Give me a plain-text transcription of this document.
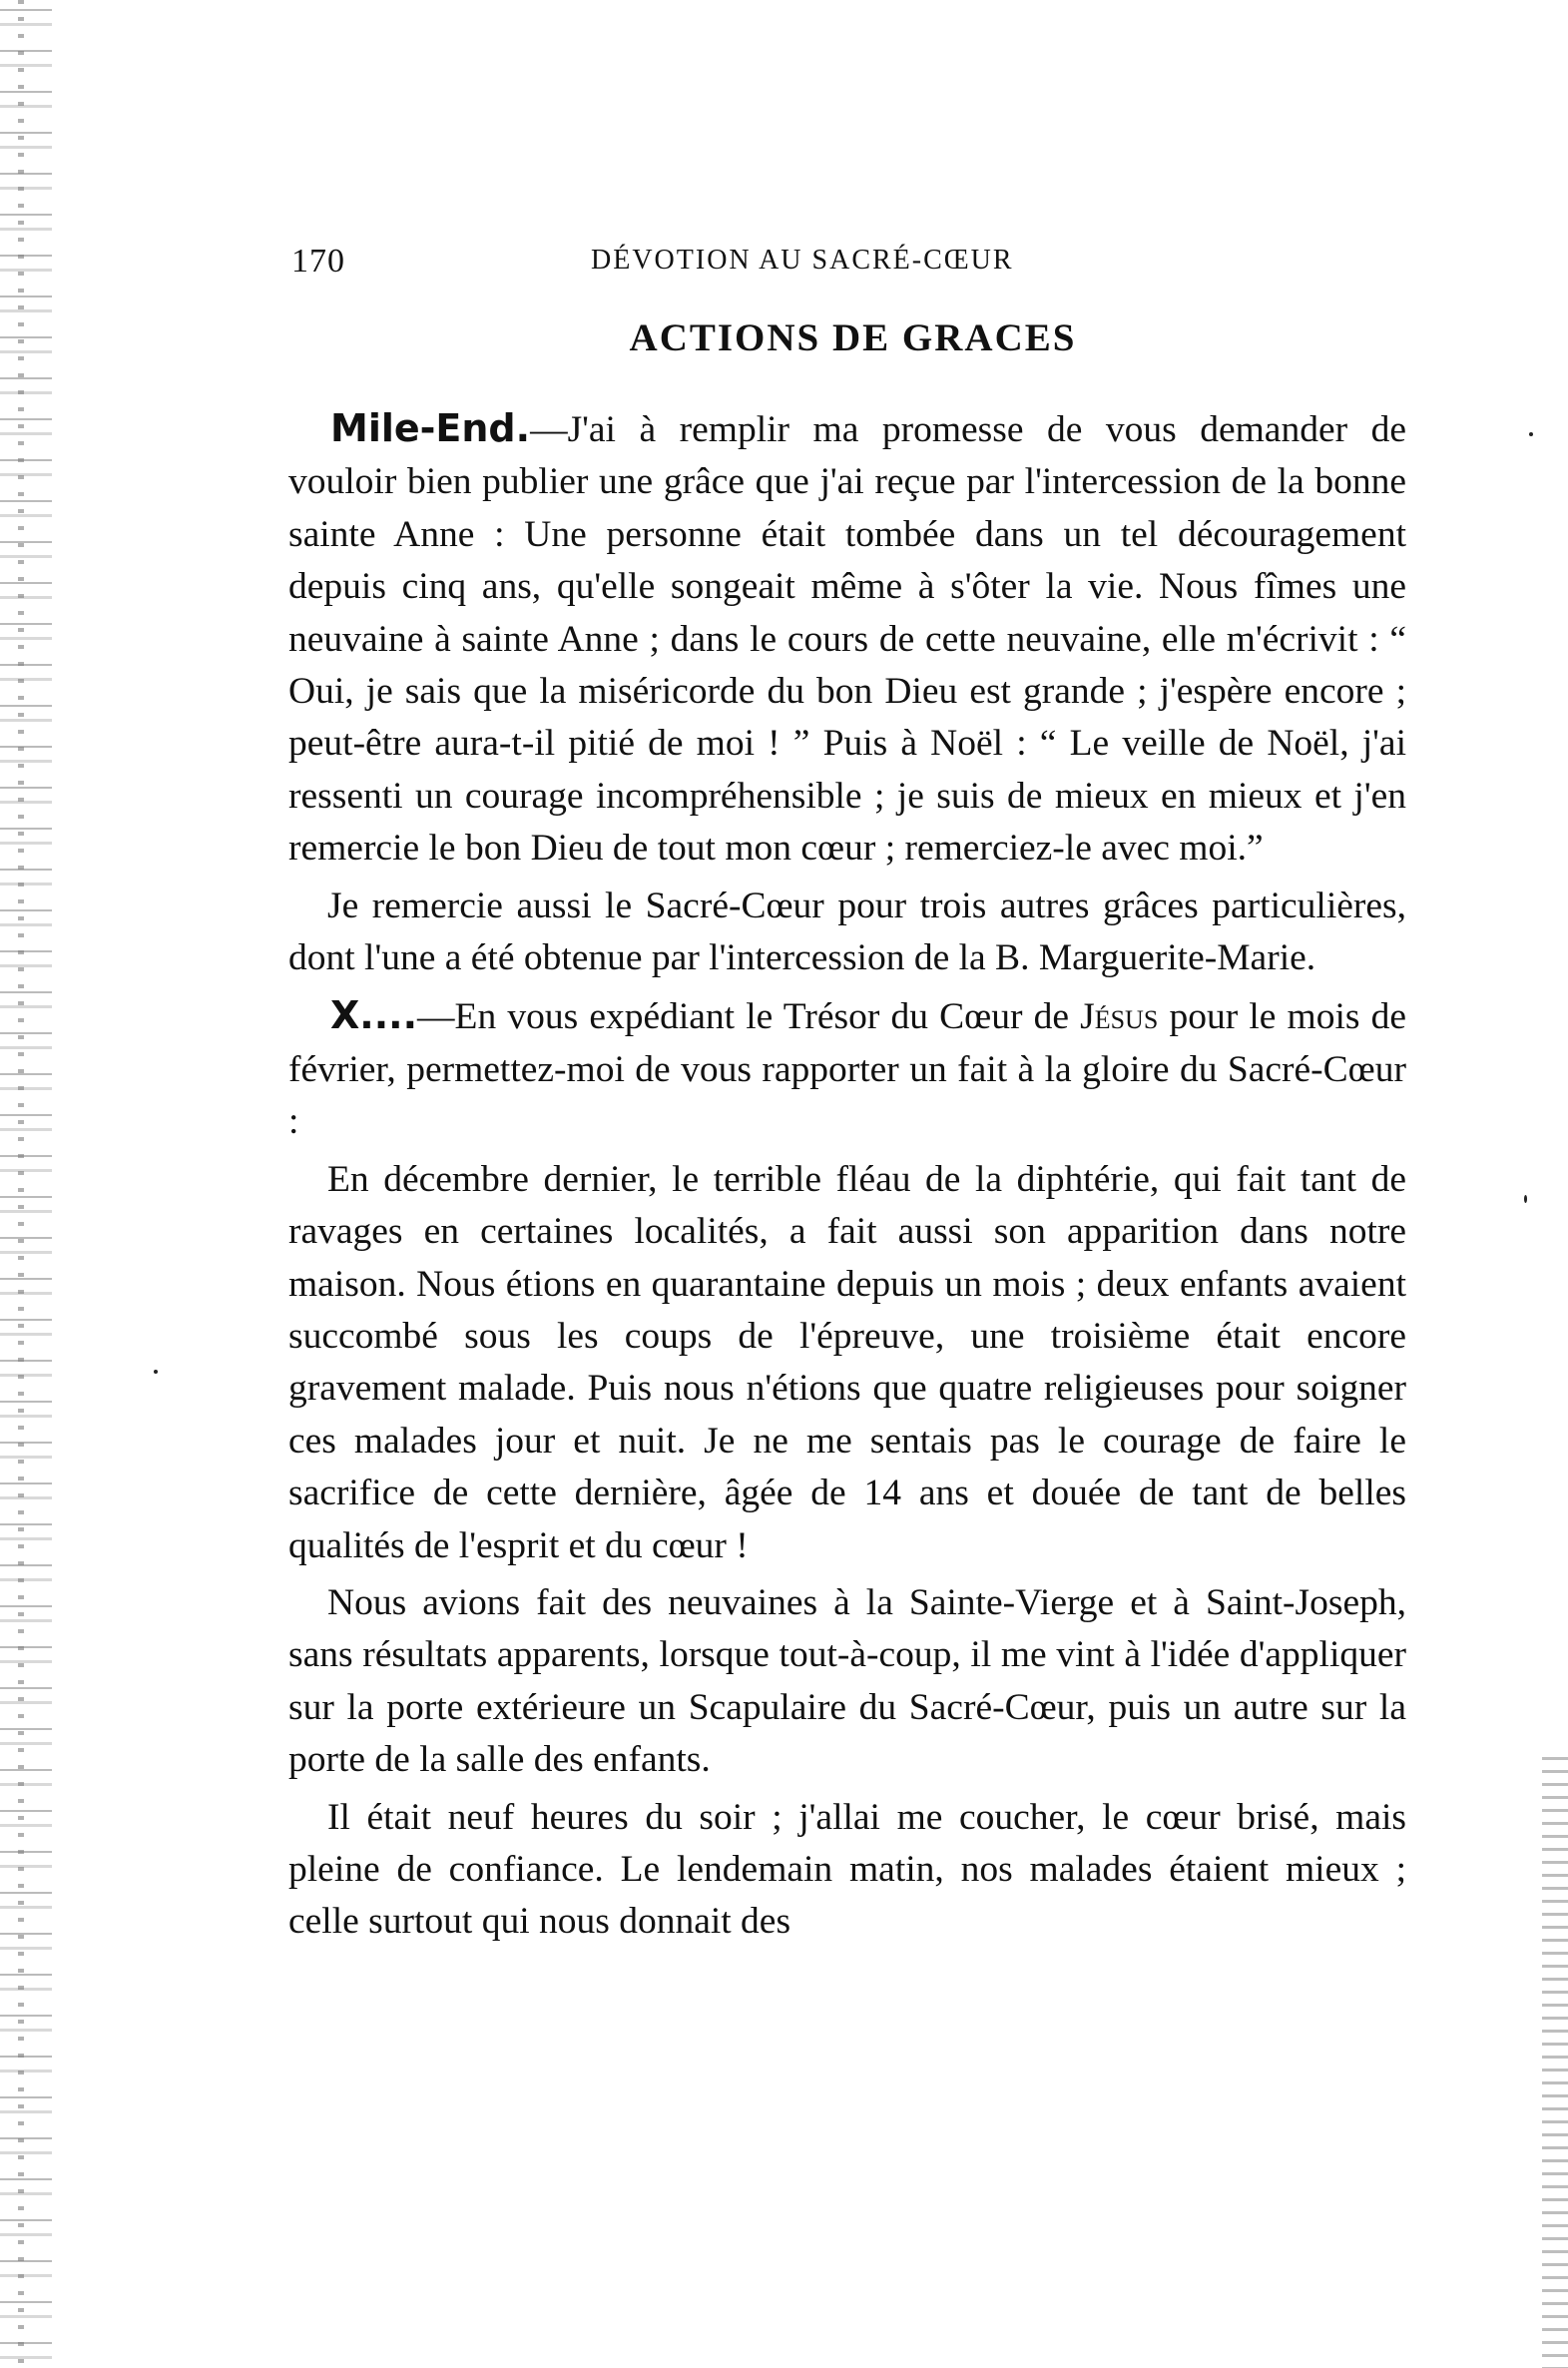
170	DÉVOTION AU SACRÉ-CŒUR
ACTIONS DE GRACES

Mile-End.—J'ai à remplir ma promesse de vous demander de vouloir bien publier une grâce que j'ai reçue par l'intercession de la bonne sainte Anne : Une personne était tombée dans un tel découragement depuis cinq ans, qu'elle songeait même à s'ôter la vie. Nous fîmes une neuvaine à sainte Anne ; dans le cours de cette neuvaine, elle m'écrivit : “ Oui, je sais que la miséricorde du bon Dieu est grande ; j'espère encore ; peut-être aura-t-il pitié de moi ! ” Puis à Noël : “ Le veille de Noël, j'ai ressenti un courage incompréhensible ; je suis de mieux en mieux et j'en remercie le bon Dieu de tout mon cœur ; remerciez-le avec moi.”

Je remercie aussi le Sacré-Cœur pour trois autres grâces particulières, dont l'une a été obtenue par l'intercession de la B. Marguerite-Marie.

X....—En vous expédiant le Trésor du Cœur de Jésus pour le mois de février, permettez-moi de vous rapporter un fait à la gloire du Sacré-Cœur :

En décembre dernier, le terrible fléau de la diphtérie, qui fait tant de ravages en certaines localités, a fait aussi son apparition dans notre maison. Nous étions en quarantaine depuis un mois ; deux enfants avaient succombé sous les coups de l'épreuve, une troisième était encore gravement malade. Puis nous n'étions que quatre religieuses pour soigner ces malades jour et nuit. Je ne me sentais pas le courage de faire le sacrifice de cette dernière, âgée de 14 ans et douée de tant de belles qualités de l'esprit et du cœur !

Nous avions fait des neuvaines à la Sainte-Vierge et à Saint-Joseph, sans résultats apparents, lorsque tout-à-coup, il me vint à l'idée d'appliquer sur la porte extérieure un Scapulaire du Sacré-Cœur, puis un autre sur la porte de la salle des enfants.

Il était neuf heures du soir ; j'allai me coucher, le cœur brisé, mais pleine de confiance. Le lendemain matin, nos malades étaient mieux ; celle surtout qui nous donnait des
